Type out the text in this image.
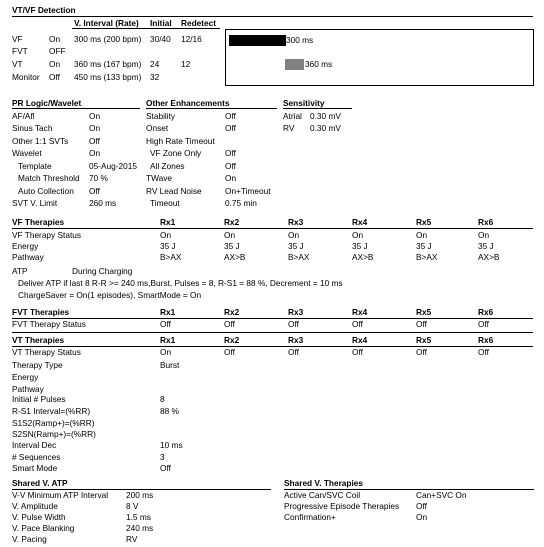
VT/VF Detection
V. Interval (Rate) Initial Redetect
VF	On 300 ms (200 bpm) 30/40 12/16
FVT	OFF
VT	On 360 ms (167 bpm) 24	12
Monitor Off 450 ms (133 bpm) 32
300 ms
360 ms
PR Logic/Wavelet	Other Enhancements	Sensitivity
AF/Afl	On
Sinus Tach	On
Other 1:1 SVTs Off
Wavelet	On
Template	05-Aug-2015
Match Threshold 70 %
Auto Collection Off
SVT V. Limit	260 ms
Stability	Off
Onset	Off
High Rate Timeout
VF Zone Only	Off
All Zones	Off
TWave	On
RV Lead Noise	On+Timeout
Timeout	0.75 min
Atrial 0.30 mV
RV 0.30 mV
VF Therapies	Rx1	Rx2	Rx3	Rx4	Rx5	Rx6
VF Therapy Status	On	On	On	On	On	On
Energy	35 J	35 J	35 J	35 J	35 J	35 J
Pathway	B>AX	AX>B	B>AX	AX>B	B>AX	AX>B
ATP	During Charging
Deliver ATP if last 8 R-R >= 240 ms,Burst, Pulses = 8, R-S1 = 88 %, Decrement = 10 ms
ChargeSaver = On(1 episodes), SmartMode = On
FVT Therapies	Rx1	Rx2	Rx3	Rx4	Rx5	Rx6
FVT Therapy Status	Off	Off	Off	Off	Off	Off
VT Therapies	Rx1	Rx2	Rx3	Rx4	Rx5	Rx6
VT Therapy Status	On	Off	Off	Off	Off	Off
Therapy Type	Burst
Energy
Pathway
Initial # Pulses	8
R-S1 Interval=(%RR)	88 %
S1S2(Ramp+)=(%RR)
S2SN(Ramp+)=(%RR)
Interval Dec	10 ms
# Sequences	3
Smart Mode	Off
Shared V. ATP	Shared V. Therapies
V-V Minimum ATP Interval 200 ms
V. Amplitude	8 V
V. Pulse Width	1.5 ms
V. Pace Blanking	240 ms
V. Pacing	RV
Active Can/SVC Coil	Can+SVC On
Progressive Episode Therapies Off
Confirmation+	On
